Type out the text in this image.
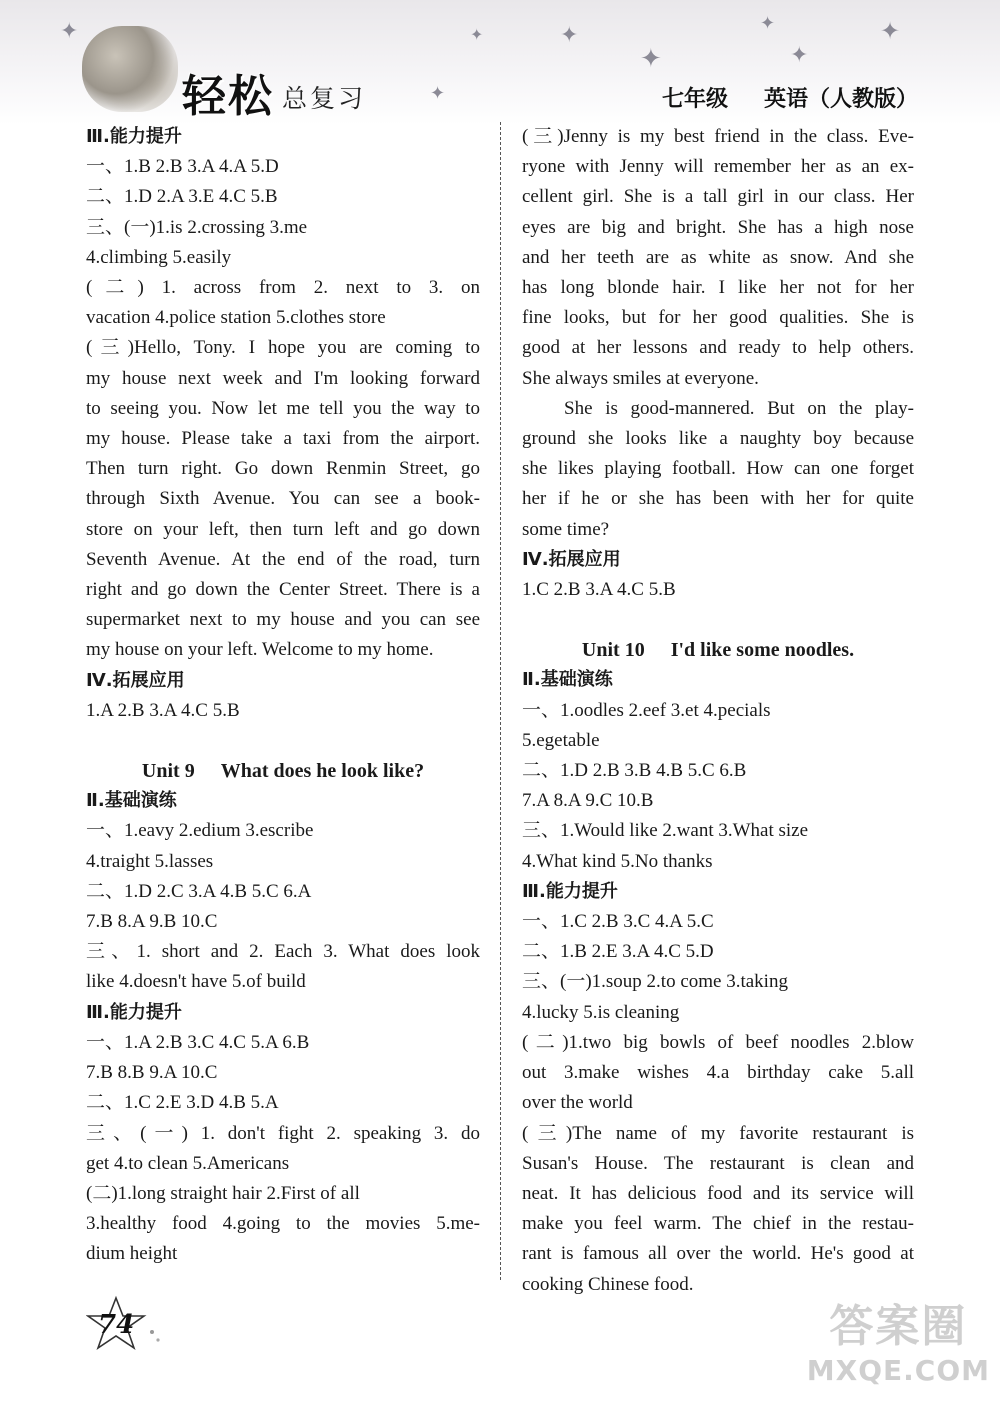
✦	✦	✦
✦
✦
✦
✦
✦
轻松 总复习	七年级 英语（人教版）
Ⅲ.能力提升
一、1.B 2.B 3.A 4.A 5.D
二、1.D 2.A 3.E 4.C 5.B
三、(一)1.is 2.crossing 3.me
4.climbing 5.easily
(二) 1. across from 2. next to 3. on
vacation 4.police station 5.clothes store
(三)Hello, Tony. I hope you are coming to
my house next week and I'm looking forward
to seeing you. Now let me tell you the way to
my house. Please take a taxi from the airport.
Then turn right. Go down Renmin Street, go
through Sixth Avenue. You can see a book-
store on your left, then turn left and go down
Seventh Avenue. At the end of the road, turn
right and go down the Center Street. There is a
supermarket next to my house and you can see
my house on your left. Welcome to my home.
Ⅳ.拓展应用
1.A 2.B 3.A 4.C 5.B
Unit 9 What does he look like?
Ⅱ.基础演练
一、1.eavy 2.edium 3.escribe
4.traight 5.lasses
二、1.D 2.C 3.A 4.B 5.C 6.A
7.B 8.A 9.B 10.C
三、1. short and 2. Each 3. What does look
like 4.doesn't have 5.of build
Ⅲ.能力提升
一、1.A 2.B 3.C 4.C 5.A 6.B
7.B 8.B 9.A 10.C
二、1.C 2.E 3.D 4.B 5.A
三、(一) 1. don't fight 2. speaking 3. do
get 4.to clean 5.Americans
(二)1.long straight hair 2.First of all
3.healthy food 4.going to the movies 5.me-
dium height
(三)Jenny is my best friend in the class. Eve-
ryone with Jenny will remember her as an ex-
cellent girl. She is a tall girl in our class. Her
eyes are big and bright. She has a high nose
and her teeth are as white as snow. And she
has long blonde hair. I like her not for her
fine looks, but for her good qualities. She is
good at her lessons and ready to help others.
She always smiles at everyone.
She is good-mannered. But on the play-
ground she looks like a naughty boy because
she likes playing football. How can one forget
her if he or she has been with her for quite
some time?
Ⅳ.拓展应用
1.C 2.B 3.A 4.C 5.B
Unit 10 I'd like some noodles.
Ⅱ.基础演练
一、1.oodles 2.eef 3.et 4.pecials
5.egetable
二、1.D 2.B 3.B 4.B 5.C 6.B
7.A 8.A 9.C 10.B
三、1.Would like 2.want 3.What size
4.What kind 5.No thanks
Ⅲ.能力提升
一、1.C 2.B 3.C 4.A 5.C
二、1.B 2.E 3.A 4.C 5.D
三、(一)1.soup 2.to come 3.taking
4.lucky 5.is cleaning
(二)1.two big bowls of beef noodles 2.blow
out 3.make wishes 4.a birthday cake 5.all
over the world
(三)The name of my favorite restaurant is
Susan's House. The restaurant is clean and
neat. It has delicious food and its service will
make you feel warm. The chief in the restau-
rant is famous all over the world. He's good at
cooking Chinese food.
74	答案圈
MXQE.COM
